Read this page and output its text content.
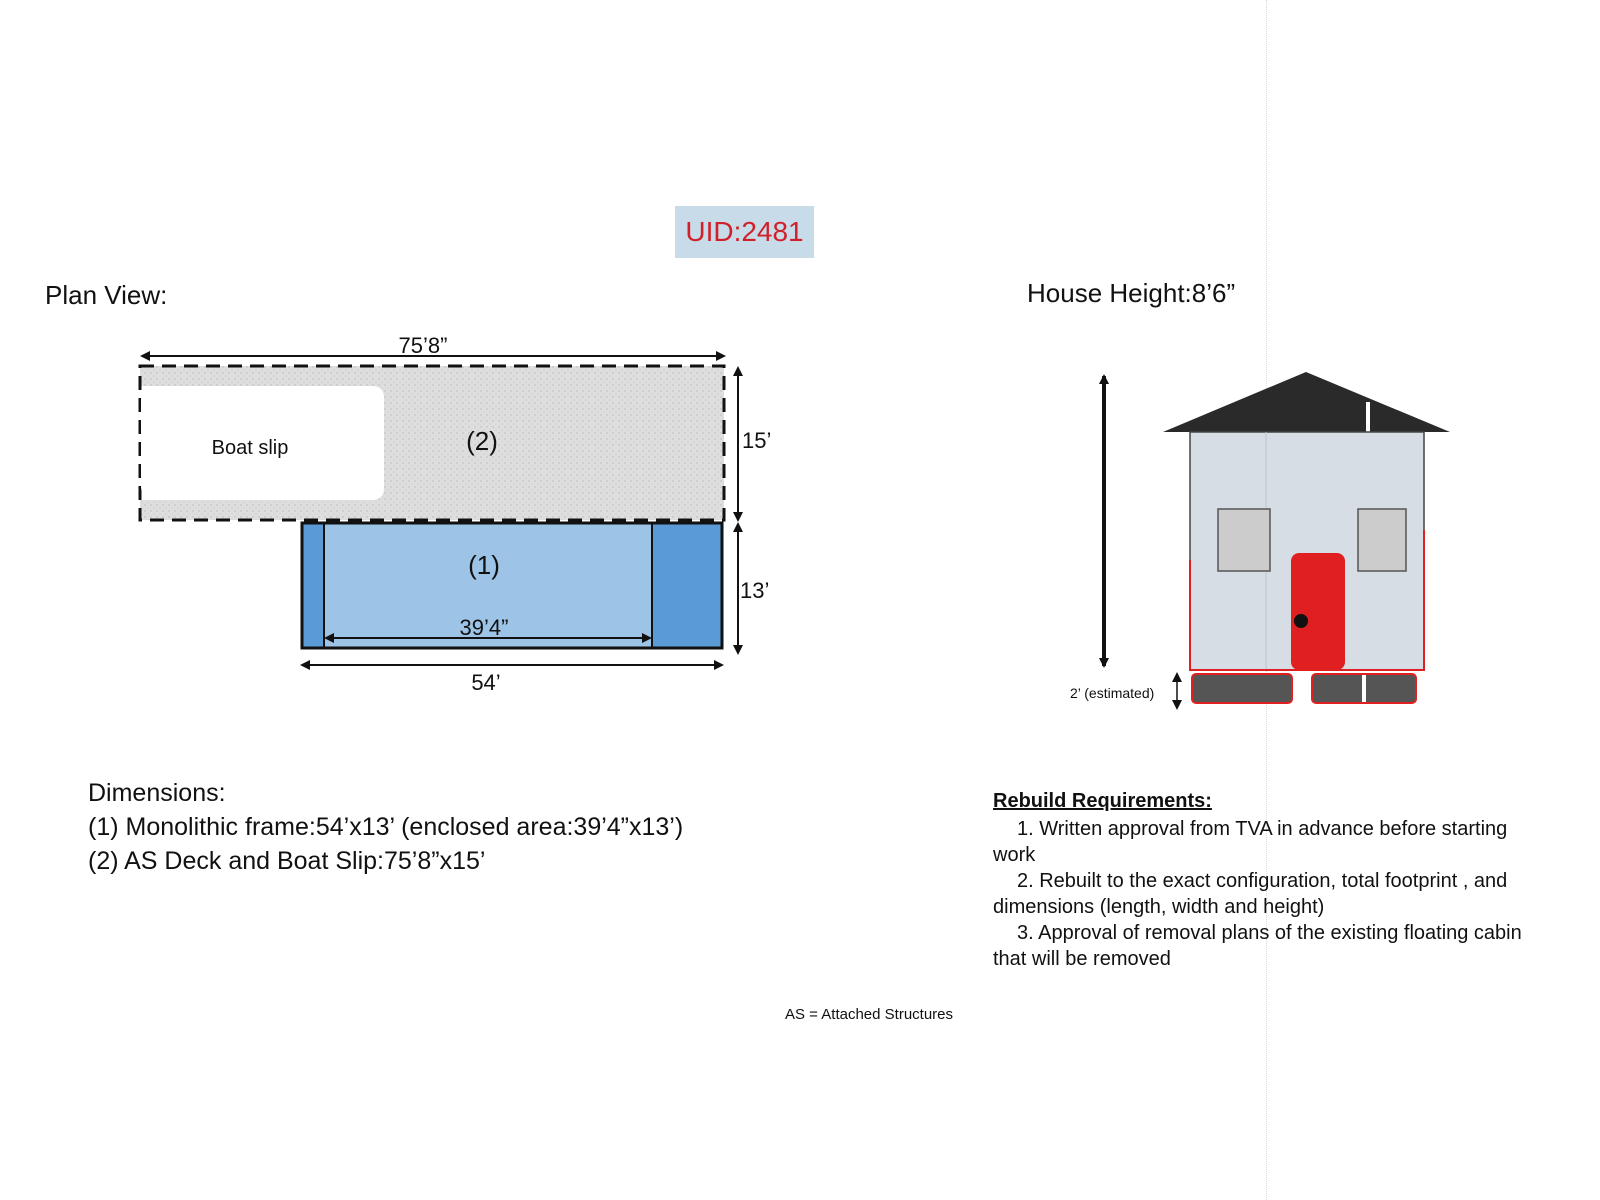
UID:2481
Plan View:	House Height:8’6”
Boat slip	(2)
(1)
75’8”
15’
13’
39’4”
54’	2’ (estimated)
Dimensions:
(1) Monolithic frame:54’x13’ (enclosed area:39’4”x13’)
(2) AS Deck and Boat Slip:75’8”x15’
Rebuild Requirements:
1. Written approval from TVA in advance before starting work
2. Rebuilt to the exact configuration, total footprint , and dimensions (length, width and height)
3. Approval of removal plans of the existing floating cabin that will be removed
AS = Attached Structures
